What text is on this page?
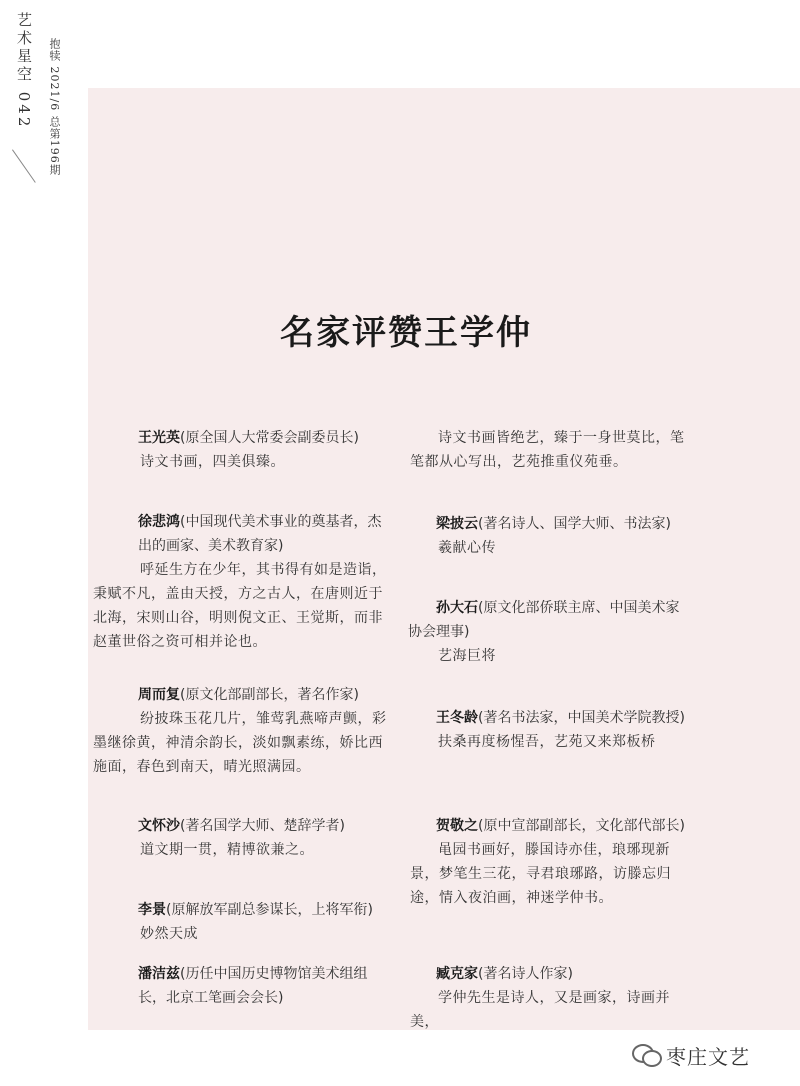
艺术星空 042 抱犊 2021/6 总第196期
名家评赞王学仲
王光英(原全国人大常委会副委员长)
诗文书画，四美俱臻。
徐悲鸿(中国现代美术事业的奠基者，杰出的画家、美术教育家)
呼延生方在少年，其书得有如是造诣，秉赋不凡，盖由天授，方之古人，在唐则近于北海，宋则山谷，明则倪文正、王觉斯，而非赵董世俗之资可相并论也。
周而复(原文化部副部长，著名作家)
纷披珠玉花几片，雏莺乳燕啼声颤，彩墨继徐黄，神清余韵长，淡如飘素练，娇比西施面，春色到南天，晴光照满园。
文怀沙(著名国学大师、楚辞学者)
道文期一贯，精博欲兼之。
李景(原解放军副总参谋长，上将军衔)
妙然天成
潘洁兹(历任中国历史博物馆美术组组长，北京工笔画会会长)
诗文书画皆绝艺，臻于一身世莫比，笔笔都从心写出，艺苑推重仪苑垂。
梁披云(著名诗人、国学大师、书法家)
羲献心传
孙大石(原文化部侨联主席、中国美术家协会理事)
艺海巨将
王冬龄(著名书法家，中国美术学院教授)
扶桑再度杨惺吾，艺苑又来郑板桥
贺敬之(原中宣部副部长，文化部代部长)
黾园书画好，滕国诗亦佳，琅琊现新景，梦笔生三花，寻君琅琊路，访滕忘归途，情入夜泊画，神迷学仲书。
臧克家(著名诗人作家)
学仲先生是诗人，又是画家，诗画并美，
枣庄文艺
